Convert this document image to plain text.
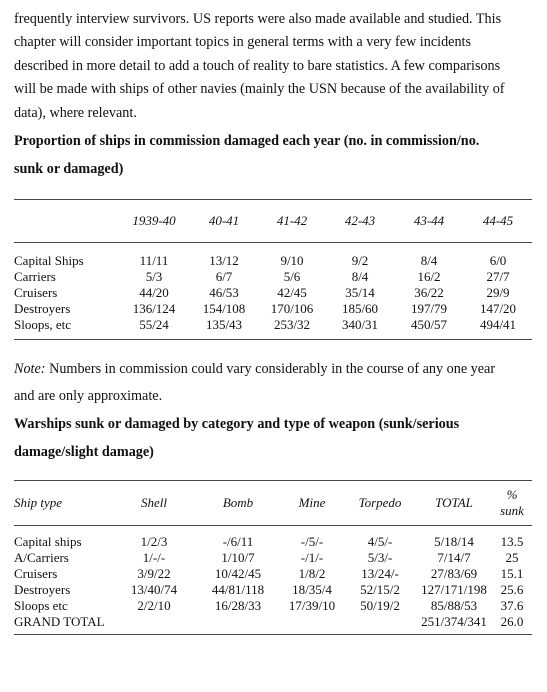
frequently interview survivors. US reports were also made available and studied. This

chapter will consider important topics in general terms with a very few incidents

described in more detail to add a touch of reality to bare statistics. A few comparisons

will be made with ships of other navies (mainly the USN because of the availability of

data), where relevant.

Proportion of ships in commission damaged each year (no. in commission/no.

sunk or damaged)

	1939-40	40-41	41-42	42-43	43-44	44-45

Capital Ships	11/11	13/12	9/10	9/2	8/4	6/0
Carriers	5/3	6/7	5/6	8/4	16/2	27/7
Cruisers	44/20	46/53	42/45	35/14	36/22	29/9
Destroyers	136/124	154/108	170/106	185/60	197/79	147/20
Sloops, etc	55/24	135/43	253/32	340/31	450/57	494/41

Note: Numbers in commission could vary considerably in the course of any one year

and are only approximate.

Warships sunk or damaged by category and type of weapon (sunk/serious

damage/slight damage)

Ship type	Shell	Bomb	Mine	Torpedo	TOTAL	%
sunk

Capital ships	1/2/3	-/6/11	-/5/-	4/5/-	5/18/14	13.5
A/Carriers	1/-/-	1/10/7	-/1/-	5/3/-	7/14/7	25
Cruisers	3/9/22	10/42/45	1/8/2	13/24/-	27/83/69	15.1
Destroyers	13/40/74	44/81/118	18/35/4	52/15/2	127/171/198	25.6
Sloops etc	2/2/10	16/28/33	17/39/10	50/19/2	85/88/53	37.6
GRAND TOTAL					251/374/341	26.0
